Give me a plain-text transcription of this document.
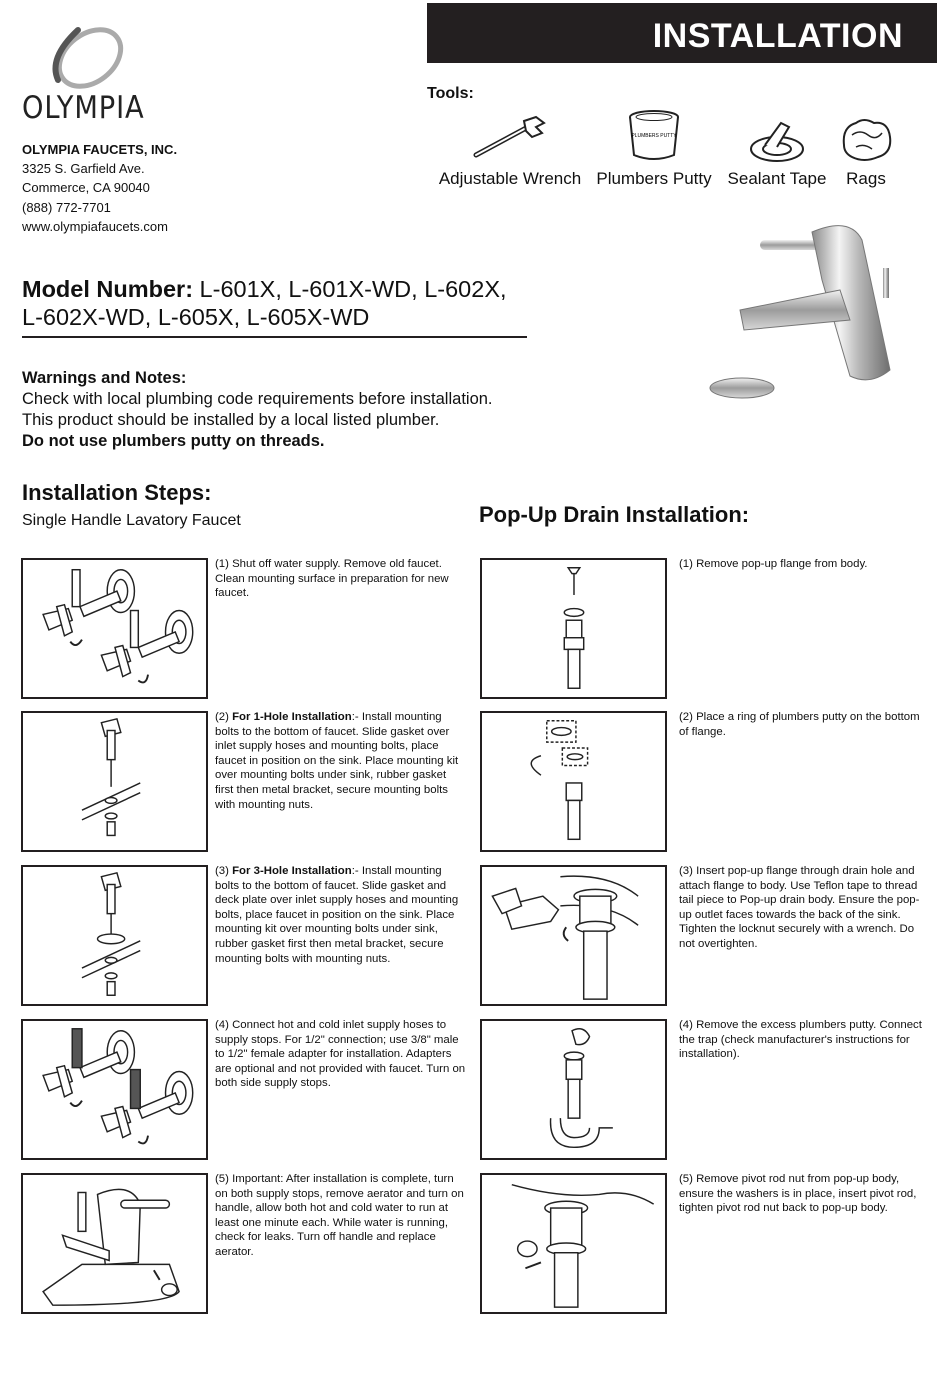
OLYMPIA
OLYMPIA FAUCETS, INC.
3325 S. Garfield Ave.
Commerce, CA 90040
(888) 772-7701
www.olympiafaucets.com
INSTALLATION
Tools:
Adjustable Wrench
PLUMBERS PUTTY
Plumbers Putty Sealant Tape	Rags
Model Number: L-601X, L-601X-WD, L-602X,
L-602X-WD, L-605X, L-605X-WD
Warnings and Notes:
Check with local plumbing code requirements before installation.
This product should be installed by a local listed plumber.
Do not use plumbers putty on threads.
Installation Steps:
Single Handle Lavatory Faucet	Pop-Up Drain Installation:
(1) Shut off water supply. Remove old faucet. Clean mounting surface in preparation for new faucet.
(2) For 1-Hole Installation:- Install mounting bolts to the bottom of faucet. Slide gasket over inlet supply hoses and mounting bolts, place faucet in position on the sink. Place mounting kit over mounting bolts under sink, rubber gasket first then metal bracket, secure mounting bolts with mounting nuts.
(3) For 3-Hole Installation:- Install mounting bolts to the bottom of faucet. Slide gasket and deck plate over inlet supply hoses and mounting bolts, place faucet in position on the sink. Place mounting kit over mounting bolts under sink, rubber gasket first then metal bracket, secure mounting bolts with mounting nuts.
(4) Connect hot and cold inlet supply hoses to supply stops. For 1/2" connection; use 3/8" male to 1/2" female adapter for installation. Adapters are optional and not provided with faucet. Turn on both side supply stops.
(5) Important: After installation is complete, turn on both supply stops, remove aerator and turn on handle, allow both hot and cold water to run at least one minute each. While water is running, check for leaks. Turn off handle and replace aerator.
(1) Remove pop-up flange from body.
(2) Place a ring of plumbers putty on the bottom of flange.
(3) Insert pop-up flange through drain hole and attach flange to body. Use Teflon tape to thread tail piece to Pop-up drain body. Ensure the pop-up outlet faces towards the back of the sink. Tighten the locknut securely with a wrench. Do not overtighten.
(4) Remove the excess plumbers putty. Connect the trap (check manufacturer's instructions for installation).
(5) Remove pivot rod nut from pop-up body, ensure the washers is in place, insert pivot rod, tighten pivot rod nut back to pop-up body.
